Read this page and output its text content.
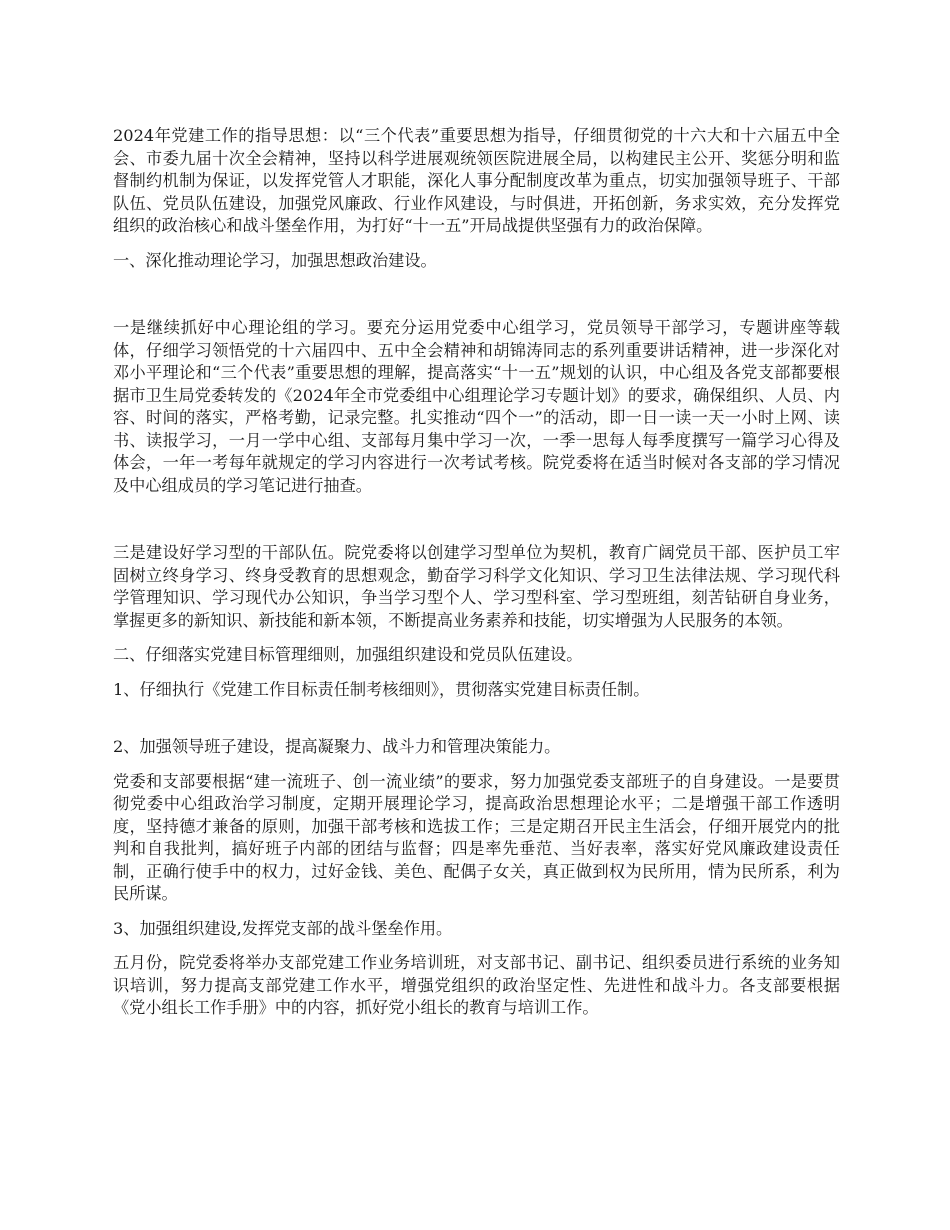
2024年党建工作的指导思想：以“三个代表”重要思想为指导，仔细贯彻党的十六大和十六届五中全会、市委九届十次全会精神，坚持以科学进展观统领医院进展全局，以构建民主公开、奖惩分明和监督制约机制为保证，以发挥党管人才职能，深化人事分配制度改革为重点，切实加强领导班子、干部队伍、党员队伍建设，加强党风廉政、行业作风建设，与时俱进，开拓创新，务求实效，充分发挥党组织的政治核心和战斗堡垒作用，为打好“十一五”开局战提供坚强有力的政治保障。

一、深化推动理论学习，加强思想政治建设。

一是继续抓好中心理论组的学习。要充分运用党委中心组学习，党员领导干部学习，专题讲座等载体，仔细学习领悟党的十六届四中、五中全会精神和胡锦涛同志的系列重要讲话精神，进一步深化对邓小平理论和“三个代表”重要思想的理解，提高落实“十一五”规划的认识，中心组及各党支部都要根据市卫生局党委转发的《2024年全市党委组中心组理论学习专题计划》的要求，确保组织、人员、内容、时间的落实，严格考勤，记录完整。扎实推动“四个一”的活动，即一日一读一天一小时上网、读书、读报学习，一月一学中心组、支部每月集中学习一次，一季一思每人每季度撰写一篇学习心得及体会，一年一考每年就规定的学习内容进行一次考试考核。院党委将在适当时候对各支部的学习情况及中心组成员的学习笔记进行抽查。

三是建设好学习型的干部队伍。院党委将以创建学习型单位为契机，教育广阔党员干部、医护员工牢固树立终身学习、终身受教育的思想观念，勤奋学习科学文化知识、学习卫生法律法规、学习现代科学管理知识、学习现代办公知识，争当学习型个人、学习型科室、学习型班组，刻苦钻研自身业务，掌握更多的新知识、新技能和新本领，不断提高业务素养和技能，切实增强为人民服务的本领。

二、仔细落实党建目标管理细则，加强组织建设和党员队伍建设。

1、仔细执行《党建工作目标责任制考核细则》，贯彻落实党建目标责任制。

2、加强领导班子建设，提高凝聚力、战斗力和管理决策能力。

党委和支部要根据“建一流班子、创一流业绩”的要求，努力加强党委支部班子的自身建设。一是要贯彻党委中心组政治学习制度，定期开展理论学习，提高政治思想理论水平；二是增强干部工作透明度，坚持德才兼备的原则，加强干部考核和选拔工作；三是定期召开民主生活会，仔细开展党内的批判和自我批判，搞好班子内部的团结与监督；四是率先垂范、当好表率，落实好党风廉政建设责任制，正确行使手中的权力，过好金钱、美色、配偶子女关，真正做到权为民所用，情为民所系，利为民所谋。

3、加强组织建设,发挥党支部的战斗堡垒作用。

五月份，院党委将举办支部党建工作业务培训班，对支部书记、副书记、组织委员进行系统的业务知识培训，努力提高支部党建工作水平，增强党组织的政治坚定性、先进性和战斗力。各支部要根据《党小组长工作手册》中的内容，抓好党小组长的教育与培训工作。
